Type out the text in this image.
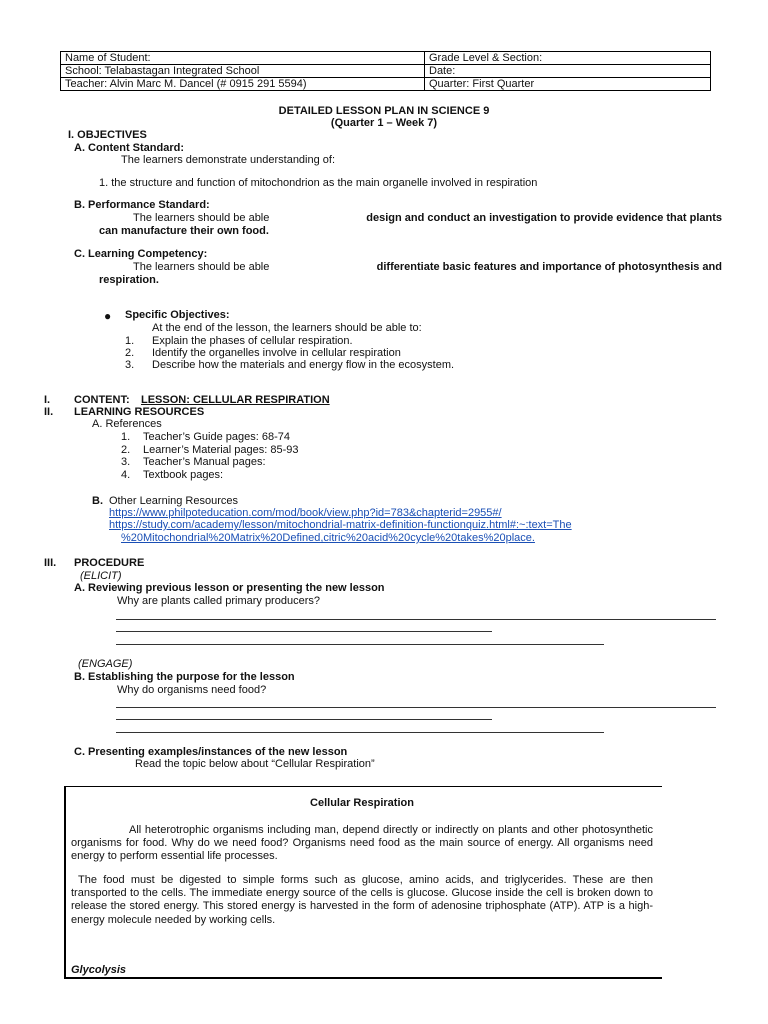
Name of Student:	Grade Level & Section:
School: Telabastagan Integrated School	Date:
Teacher: Alvin Marc M. Dancel (# 0915 291 5594)	Quarter: First Quarter
DETAILED LESSON PLAN IN SCIENCE 9
(Quarter 1 – Week 7)
I. OBJECTIVES
A. Content Standard:
The learners demonstrate understanding of:
1. the structure and function of mitochondrion as the main organelle involved in respiration
B. Performance Standard:
The learners should be able	design and conduct an investigation to provide evidence that plants
can manufacture their own food.
C. Learning Competency:
The learners should be able	differentiate basic features and importance of photosynthesis and
respiration.
● Specific Objectives:
At the end of the lesson, the learners should be able to:
1. Explain the phases of cellular respiration.
2. Identify the organelles involve in cellular respiration
3. Describe how the materials and energy flow in the ecosystem.
I. CONTENT: LESSON: CELLULAR RESPIRATION
II. LEARNING RESOURCES
A. References
1. Teacher’s Guide pages: 68-74
2. Learner’s Material pages: 85-93
3. Teacher’s Manual pages:
4. Textbook pages:
B. Other Learning Resources
https://www.philpoteducation.com/mod/book/view.php?id=783&chapterid=2955#/
https://study.com/academy/lesson/mitochondrial-matrix-definition-functionquiz.html#:~:text=The
%20Mitochondrial%20Matrix%20Defined,citric%20acid%20cycle%20takes%20place.
III. PROCEDURE
(ELICIT)
A. Reviewing previous lesson or presenting the new lesson
Why are plants called primary producers?
(ENGAGE)
B. Establishing the purpose for the lesson
Why do organisms need food?
C. Presenting examples/instances of the new lesson
Read the topic below about “Cellular Respiration”
Cellular Respiration
All heterotrophic organisms including man, depend directly or indirectly on plants and other photosynthetic organisms for food. Why do we need food? Organisms need food as the main source of energy. All organisms need energy to perform essential life processes.
The food must be digested to simple forms such as glucose, amino acids, and triglycerides. These are then transported to the cells. The immediate energy source of the cells is glucose. Glucose inside the cell is broken down to release the stored energy. This stored energy is harvested in the form of adenosine triphosphate (ATP). ATP is a high-energy molecule needed by working cells.
Glycolysis
